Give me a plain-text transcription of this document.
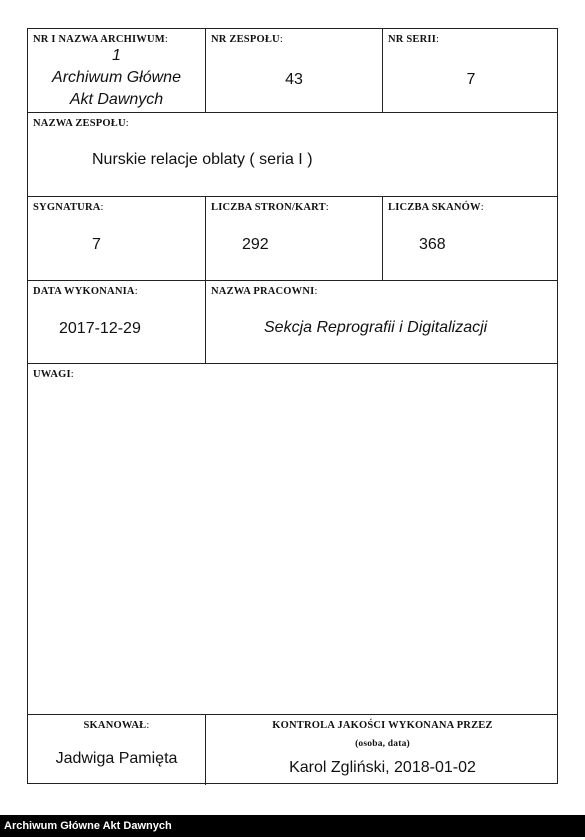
NR I NAZWA ARCHIWUM:
1
Archiwum Główne
Akt Dawnych
NR ZESPOŁU:
43
NR SERII:
7
NAZWA ZESPOŁU:
Nurskie relacje oblaty ( seria I )
SYGNATURA:
7
LICZBA STRON/KART:
292
LICZBA SKANÓW:
368
DATA WYKONANIA:
2017-12-29
NAZWA PRACOWNI:
Sekcja Reprografii i Digitalizacji
UWAGI:
SKANOWAŁ:
Jadwiga Pamięta
KONTROLA JAKOŚCI WYKONANA PRZEZ
(osoba, data)
Karol Zgliński, 2018-01-02
Archiwum Główne Akt Dawnych
